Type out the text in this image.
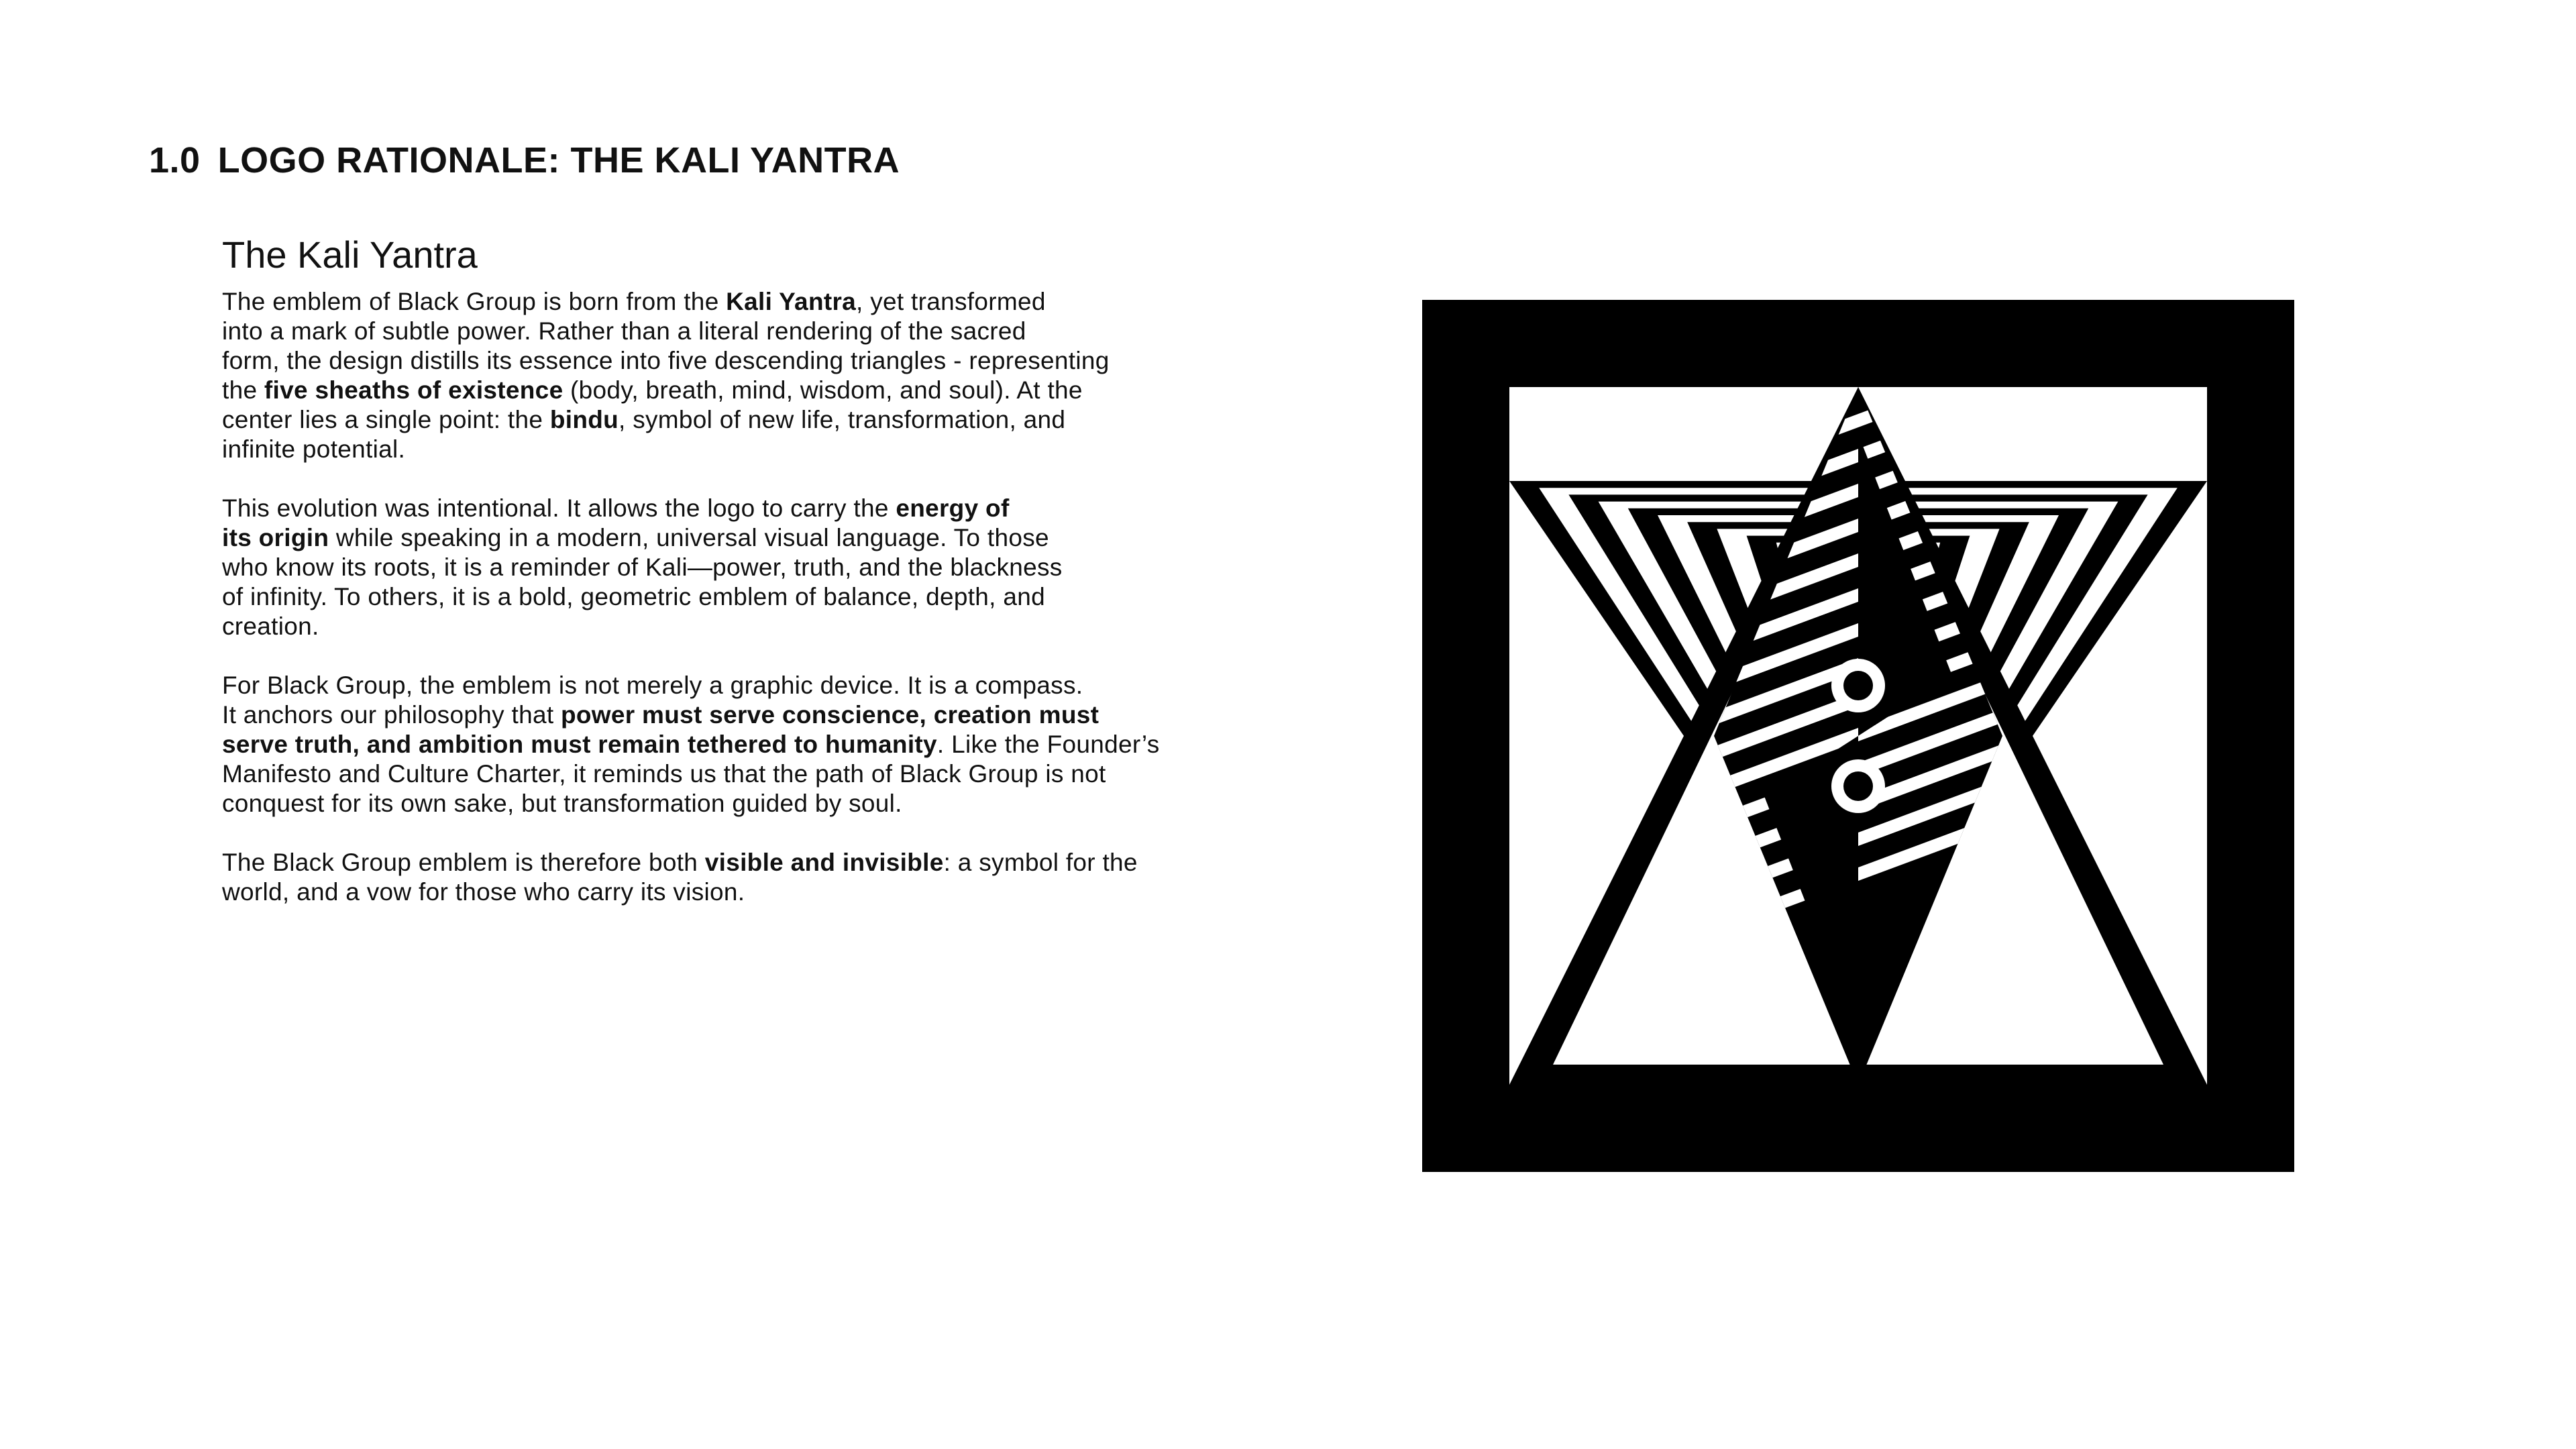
1.0 LOGO RATIONALE: THE KALI YANTRA
The Kali Yantra

The emblem of Black Group is born from the Kali Yantra, yet transformed
into a mark of subtle power. Rather than a literal rendering of the sacred
form, the design distills its essence into five descending triangles - representing
the five sheaths of existence (body, breath, mind, wisdom, and soul). At the
center lies a single point: the bindu, symbol of new life, transformation, and
infinite potential.

This evolution was intentional. It allows the logo to carry the energy of
its origin while speaking in a modern, universal visual language. To those
who know its roots, it is a reminder of Kali—power, truth, and the blackness
of infinity. To others, it is a bold, geometric emblem of balance, depth, and
creation.

For Black Group, the emblem is not merely a graphic device. It is a compass.
It anchors our philosophy that power must serve conscience, creation must
serve truth, and ambition must remain tethered to humanity. Like the Founder’s
Manifesto and Culture Charter, it reminds us that the path of Black Group is not
conquest for its own sake, but transformation guided by soul.

The Black Group emblem is therefore both visible and invisible: a symbol for the
world, and a vow for those who carry its vision.
